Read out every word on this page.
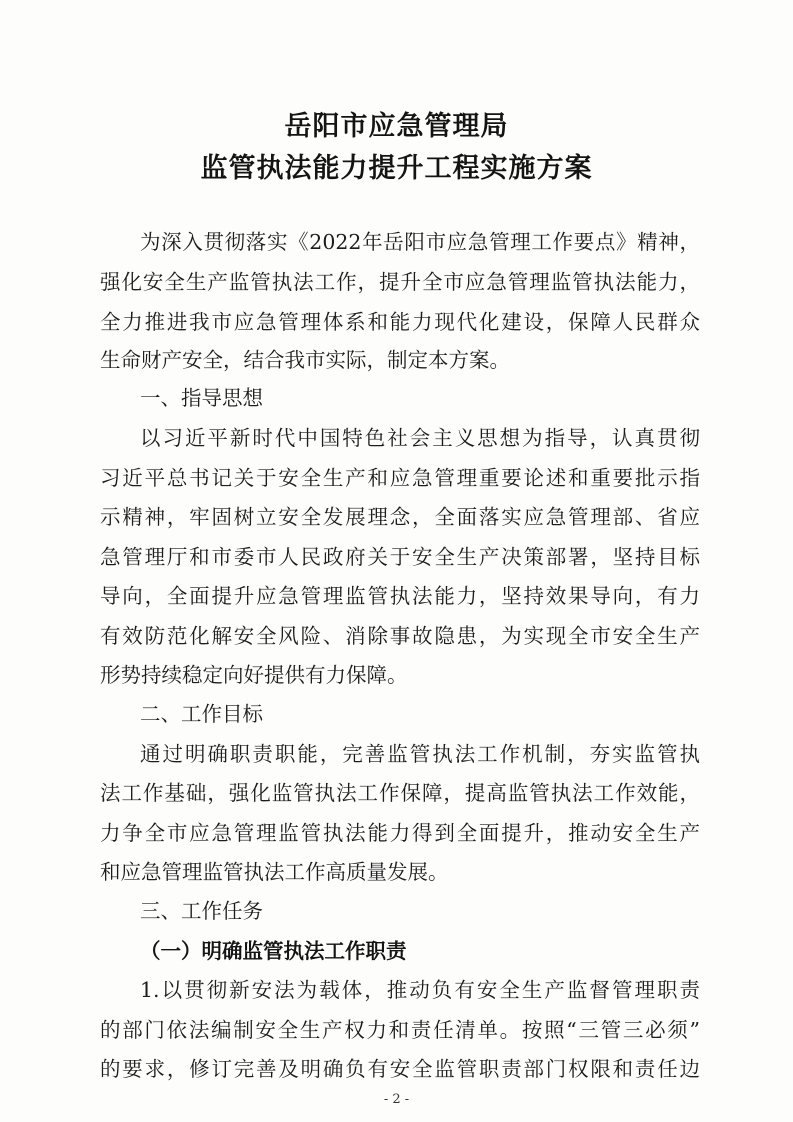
岳阳市应急管理局
监管执法能力提升工程实施方案
为深入贯彻落实《2022年岳阳市应急管理工作要点》精神，
强化安全生产监管执法工作，提升全市应急管理监管执法能力，
全力推进我市应急管理体系和能力现代化建设，保障人民群众
生命财产安全，结合我市实际，制定本方案。
一、指导思想
以习近平新时代中国特色社会主义思想为指导，认真贯彻
习近平总书记关于安全生产和应急管理重要论述和重要批示指
示精神，牢固树立安全发展理念，全面落实应急管理部、省应
急管理厅和市委市人民政府关于安全生产决策部署，坚持目标
导向，全面提升应急管理监管执法能力，坚持效果导向，有力
有效防范化解安全风险、消除事故隐患，为实现全市安全生产
形势持续稳定向好提供有力保障。
二、工作目标
通过明确职责职能，完善监管执法工作机制，夯实监管执
法工作基础，强化监管执法工作保障，提高监管执法工作效能，
力争全市应急管理监管执法能力得到全面提升，推动安全生产
和应急管理监管执法工作高质量发展。
三、工作任务
（一）明确监管执法工作职责
1.以贯彻新安法为载体，推动负有安全生产监督管理职责
的部门依法编制安全生产权力和责任清单。按照“三管三必须”
的要求，修订完善及明确负有安全监管职责部门权限和责任边
- 2 -
